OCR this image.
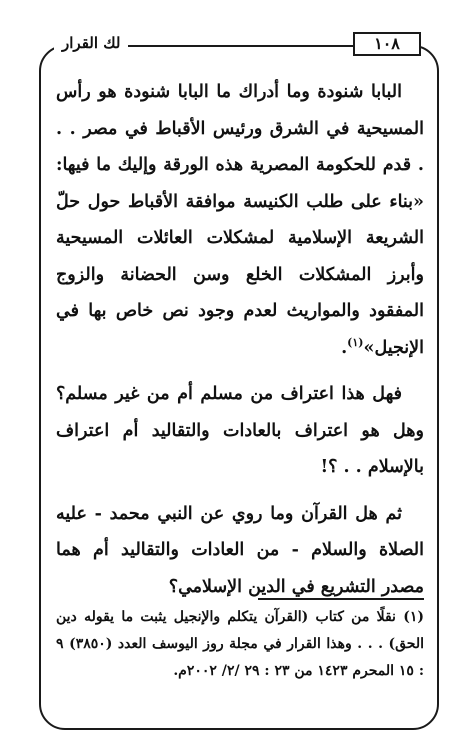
١٠٨
لك القرار

البابا شنودة وما أدراك ما البابا شنودة هو رأس المسيحية في الشرق ورئيس الأقباط في مصر . . . قدم للحكومة المصرية هذه الورقة وإليك ما فيها: «بناء على طلب الكنيسة موافقة الأقباط حول حلّ الشريعة الإسلامية لمشكلات العائلات المسيحية وأبرز المشكلات الخلع وسن الحضانة والزوج المفقود والمواريث لعدم وجود نص خاص بها في الإنجيل»$^{(١)}$.

فهل هذا اعتراف من مسلم أم من غير مسلم؟ وهل هو اعتراف بالعادات والتقاليد أم اعتراف بالإسلام . . ؟!

ثم هل القرآن وما روي عن النبي محمد - عليه الصلاة والسلام - من العادات والتقاليد أم هما مصدر التشريع في الدين الإسلامي؟

(١) نقلًا من كتاب (القرآن يتكلم والإنجيل يثبت ما يقوله دين الحق) . . . وهذا القرار في مجلة روز اليوسف العدد (٣٨٥٠) ٩ : ١٥ المحرم ١٤٢٣ من ٢٣ : ٢٩ /٢/ ٢٠٠٢م.
